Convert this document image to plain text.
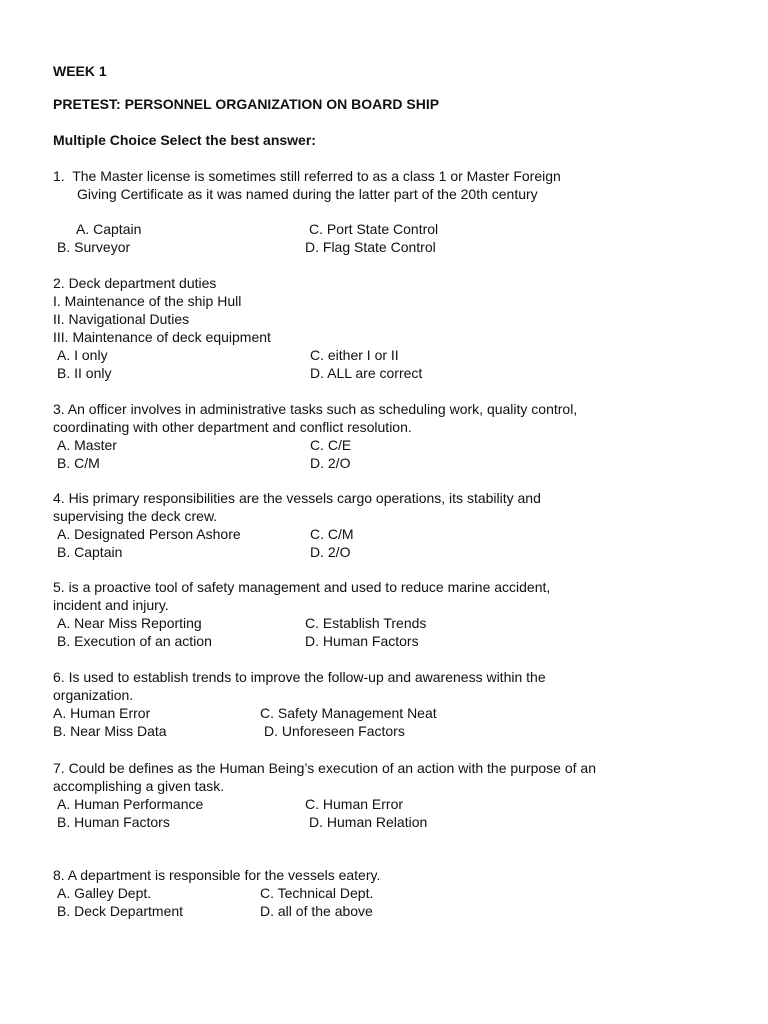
WEEK 1
PRETEST: PERSONNEL ORGANIZATION ON BOARD SHIP
Multiple Choice Select the best answer:
1.  The Master license is sometimes still referred to as a class 1 or Master Foreign
Giving Certificate as it was named during the latter part of the 20th century
A. Captain	C. Port State Control
B. Surveyor	D. Flag State Control
2. Deck department duties
I. Maintenance of the ship Hull
II. Navigational Duties
III. Maintenance of deck equipment
A. I only	C. either I or II
B. II only	D. ALL are correct
3. An officer involves in administrative tasks such as scheduling work, quality control,
coordinating with other department and conflict resolution.
A. Master	C. C/E
B. C/M	D. 2/O
4. His primary responsibilities are the vessels cargo operations, its stability and
supervising the deck crew.
A. Designated Person Ashore	C. C/M
B. Captain	D. 2/O
5. is a proactive tool of safety management and used to reduce marine accident,
incident and injury.
A. Near Miss Reporting	C. Establish Trends
B. Execution of an action	D. Human Factors
6. Is used to establish trends to improve the follow-up and awareness within the
organization.
A. Human Error	C. Safety Management Neat
B. Near Miss Data	D. Unforeseen Factors
7. Could be defines as the Human Being’s execution of an action with the purpose of an
accomplishing a given task.
A. Human Performance	C. Human Error
B. Human Factors	D. Human Relation
8. A department is responsible for the vessels eatery.
A. Galley Dept.	C. Technical Dept.
B. Deck Department	D. all of the above
